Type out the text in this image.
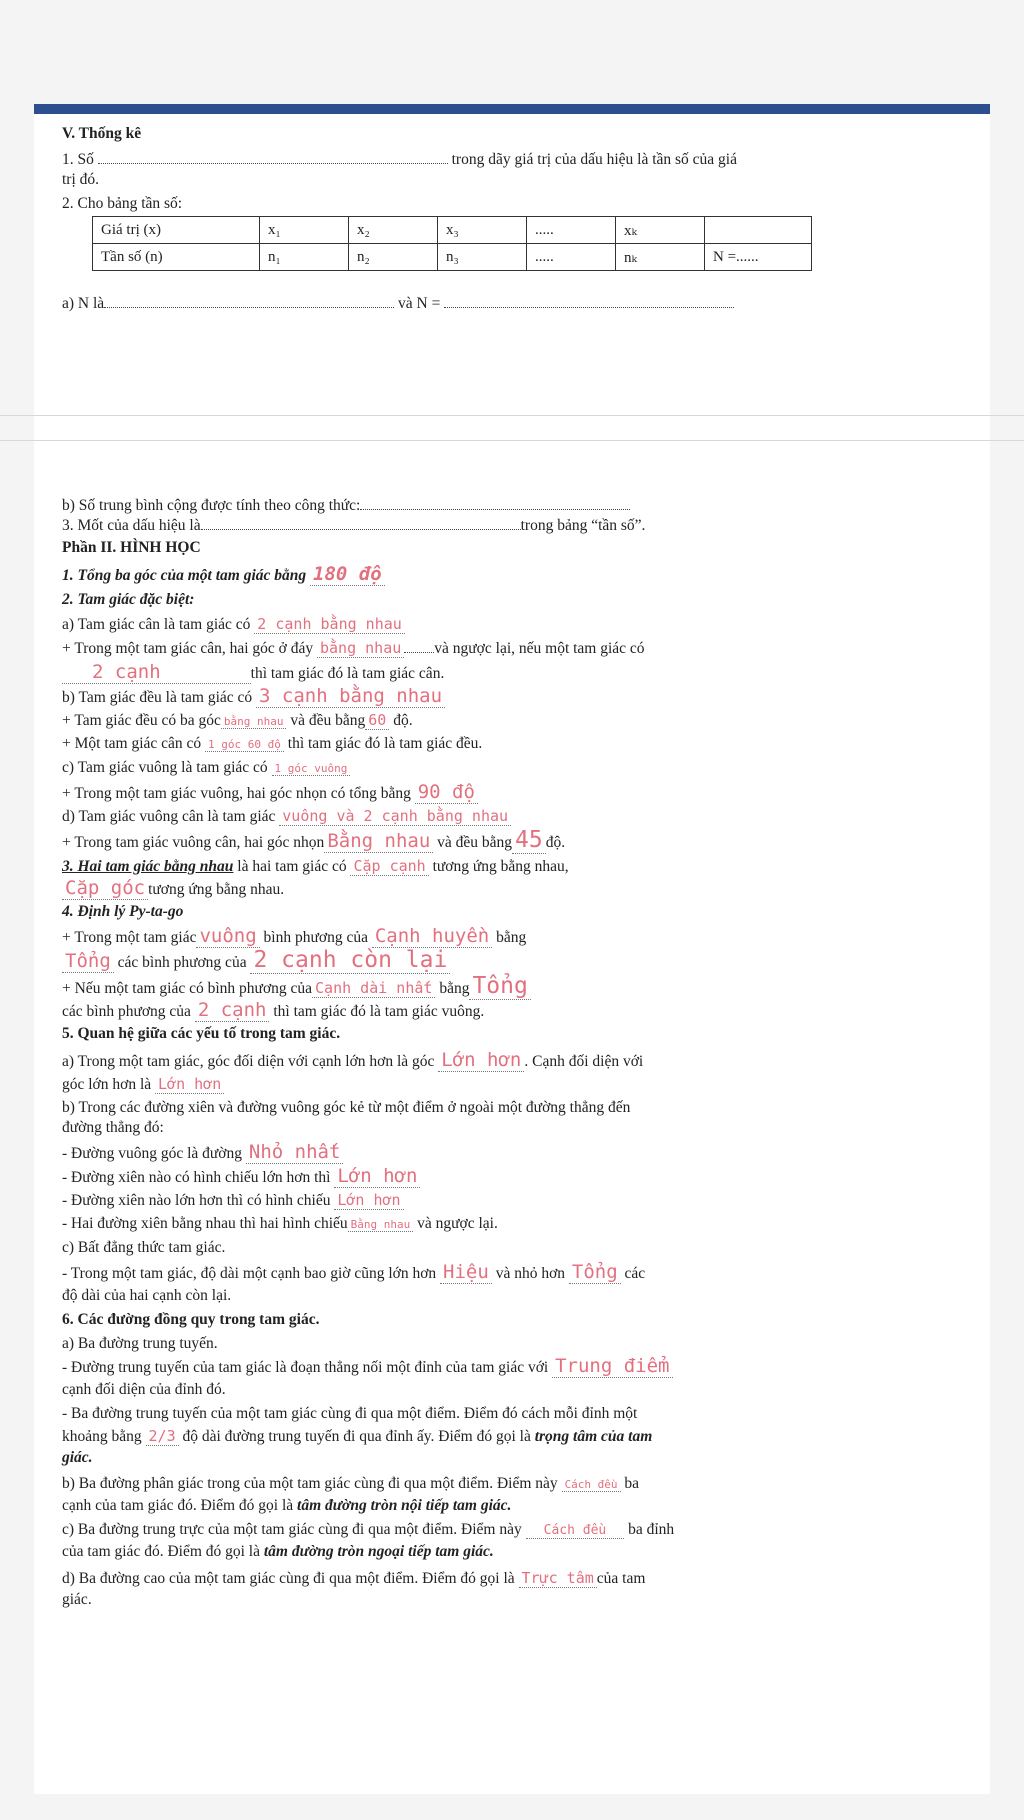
V. Thống kê
1. Số	trong dãy giá trị của dấu hiệu là tần số của giá
trị đó.
2. Cho bảng tần số:
Giá trị (x)	x₁	x₂	x₃	.....	xₖ	
Tần số (n)	n₁	n₂	n₃	.....	nₖ	N =......
a) N là	và N =
b) Số trung bình cộng được tính theo công thức:
3. Mốt của dấu hiệu là	trong bảng “tần số”.
Phần II. HÌNH HỌC
1. Tổng ba góc của một tam giác bằng 180 độ
2. Tam giác đặc biệt:
a) Tam giác cân là tam giác có 2 cạnh bằng nhau
+ Trong một tam giác cân, hai góc ở đáy bằng nhau và ngược lại, nếu một tam giác có
2 cạnh	thì tam giác đó là tam giác cân.
b) Tam giác đều là tam giác có 3 cạnh bằng nhau
+ Tam giác đều có ba góc bằng nhau và đều bằng 60 độ.
+ Một tam giác cân có 1 góc 60 độ thì tam giác đó là tam giác đều.
c) Tam giác vuông là tam giác có 1 góc vuông
+ Trong một tam giác vuông, hai góc nhọn có tổng bằng 90 độ
d) Tam giác vuông cân là tam giác vuông và 2 cạnh bằng nhau
+ Trong tam giác vuông cân, hai góc nhọn Bằng nhau và đều bằng 45 độ.
3. Hai tam giác bằng nhau là hai tam giác có Cặp cạnh tương ứng bằng nhau,
Cặp góc tương ứng bằng nhau.
4. Định lý Py-ta-go
+ Trong một tam giác vuông bình phương của Cạnh huyền bằng
Tổng các bình phương của 2 cạnh còn lại
+ Nếu một tam giác có bình phương của Cạnh dài nhất bằng Tổng
các bình phương của 2 cạnh thì tam giác đó là tam giác vuông.
5. Quan hệ giữa các yếu tố trong tam giác.
a) Trong một tam giác, góc đối diện với cạnh lớn hơn là góc Lớn hơn . Cạnh đối diện với
góc lớn hơn là Lớn hơn
b) Trong các đường xiên và đường vuông góc kẻ từ một điểm ở ngoài một đường thẳng đến
đường thẳng đó:
- Đường vuông góc là đường Nhỏ nhất
- Đường xiên nào có hình chiếu lớn hơn thì Lớn hơn
- Đường xiên nào lớn hơn thì có hình chiếu Lớn hơn
- Hai đường xiên bằng nhau thì hai hình chiếu Bằng nhau và ngược lại.
c) Bất đẳng thức tam giác.
- Trong một tam giác, độ dài một cạnh bao giờ cũng lớn hơn Hiệu và nhỏ hơn Tổng các
độ dài của hai cạnh còn lại.
6. Các đường đồng quy trong tam giác.
a) Ba đường trung tuyến.
- Đường trung tuyến của tam giác là đoạn thẳng nối một đỉnh của tam giác với Trung điểm
cạnh đối diện của đỉnh đó.
- Ba đường trung tuyến của một tam giác cùng đi qua một điểm. Điểm đó cách mỗi đỉnh một
khoảng bằng 2/3 độ dài đường trung tuyến đi qua đỉnh ấy. Điểm đó gọi là trọng tâm của tam
giác.
b) Ba đường phân giác trong của một tam giác cùng đi qua một điểm. Điểm này Cách đều ba
cạnh của tam giác đó. Điểm đó gọi là tâm đường tròn nội tiếp tam giác.
c) Ba đường trung trực của một tam giác cùng đi qua một điểm. Điểm này Cách đều ba đỉnh
của tam giác đó. Điểm đó gọi là tâm đường tròn ngoại tiếp tam giác.
d) Ba đường cao của một tam giác cùng đi qua một điểm. Điểm đó gọi là Trực tâm của tam
giác.
